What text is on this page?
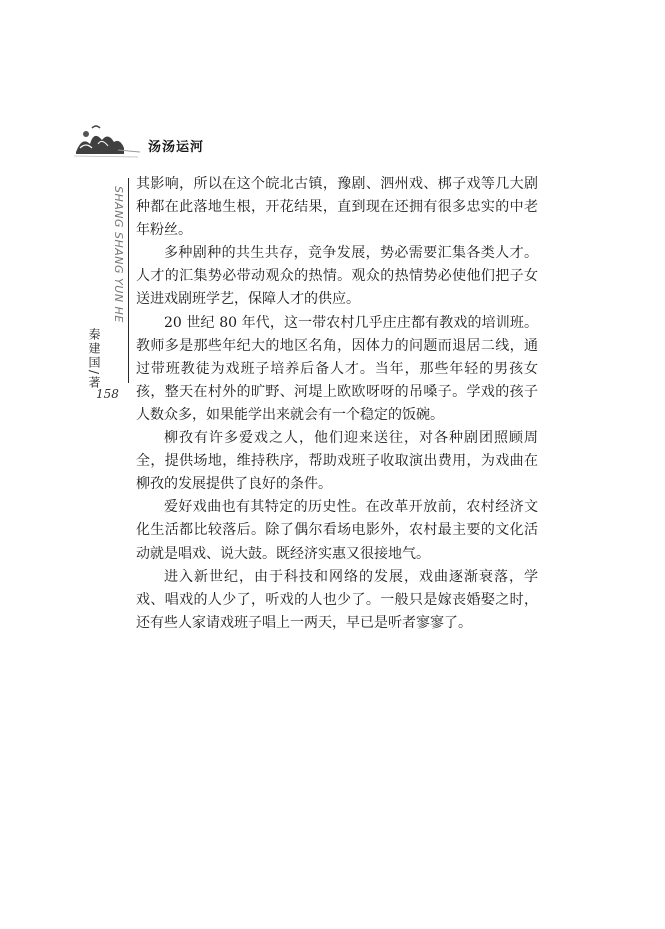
汤汤运河
SHANG SHANG YUN HE
秦建国/著
158

其影响，所以在这个皖北古镇，豫剧、泗州戏、梆子戏等几大剧种都在此落地生根，开花结果，直到现在还拥有很多忠实的中老年粉丝。

多种剧种的共生共存，竞争发展，势必需要汇集各类人才。人才的汇集势必带动观众的热情。观众的热情势必使他们把子女送进戏剧班学艺，保障人才的供应。

20 世纪 80 年代，这一带农村几乎庄庄都有教戏的培训班。教师多是那些年纪大的地区名角，因体力的问题而退居二线，通过带班教徒为戏班子培养后备人才。当年，那些年轻的男孩女孩，整天在村外的旷野、河堤上欧欧呀呀的吊嗓子。学戏的孩子人数众多，如果能学出来就会有一个稳定的饭碗。

柳孜有许多爱戏之人，他们迎来送往，对各种剧团照顾周全，提供场地，维持秩序，帮助戏班子收取演出费用，为戏曲在柳孜的发展提供了良好的条件。

爱好戏曲也有其特定的历史性。在改革开放前，农村经济文化生活都比较落后。除了偶尔看场电影外，农村最主要的文化活动就是唱戏、说大鼓。既经济实惠又很接地气。

进入新世纪，由于科技和网络的发展，戏曲逐渐衰落，学戏、唱戏的人少了，听戏的人也少了。一般只是嫁丧婚娶之时，还有些人家请戏班子唱上一两天，早已是听者寥寥了。
